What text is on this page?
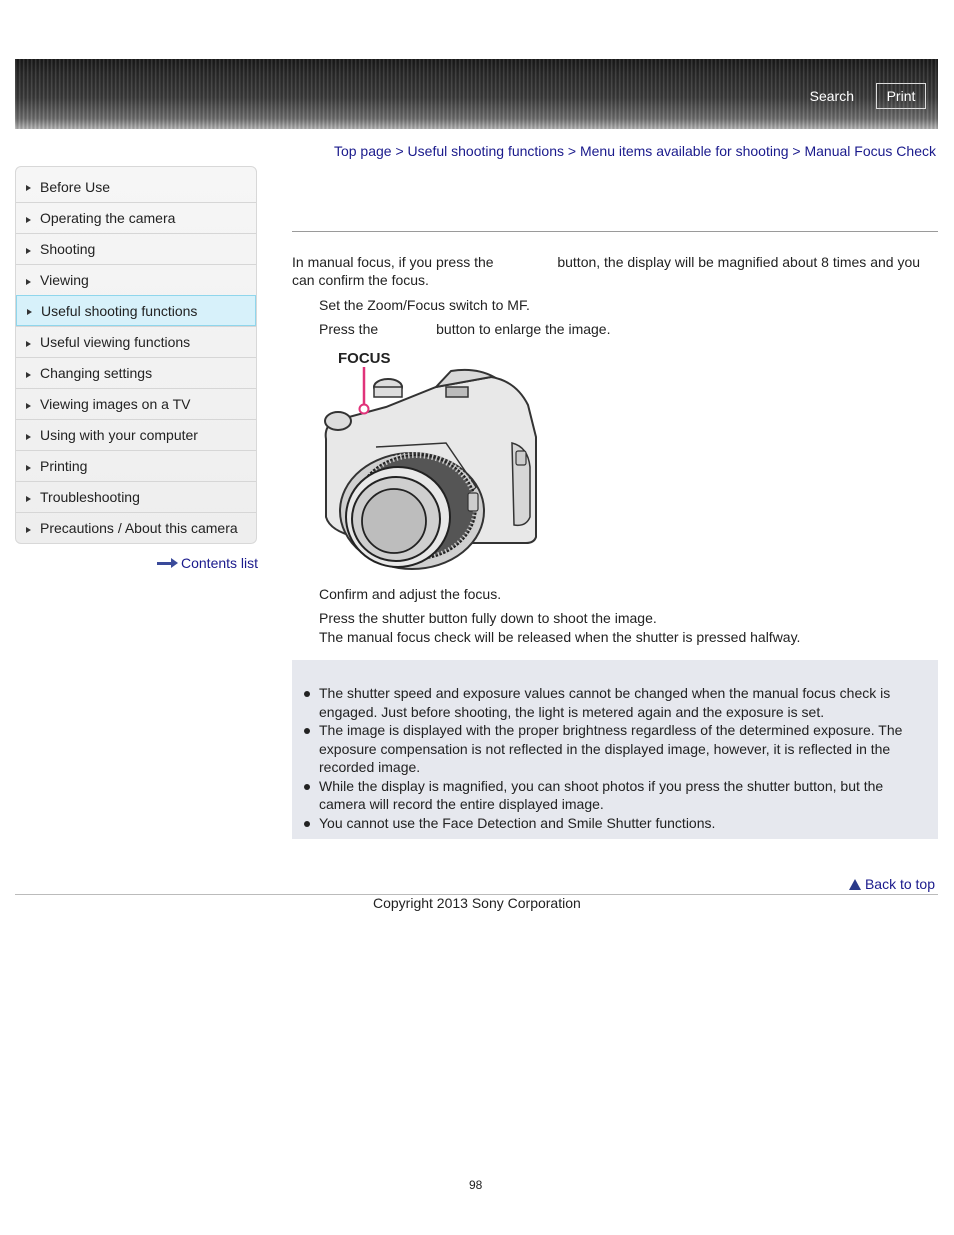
Search	Print
Top page > Useful shooting functions > Menu items available for shooting > Manual Focus Check
Before Use
Operating the camera
Shooting
Viewing
Useful shooting functions
Useful viewing functions
Changing settings
Viewing images on a TV
Using with your computer
Printing
Troubleshooting
Precautions / About this camera
Contents list
In manual focus, if you press the	button, the display will be magnified about 8 times and you can confirm the focus.
Set the Zoom/Focus switch to MF.
Press the	button to enlarge the image.
FOCUS
Confirm and adjust the focus.
Press the shutter button fully down to shoot the image.
The manual focus check will be released when the shutter is pressed halfway.
The shutter speed and exposure values cannot be changed when the manual focus check is engaged. Just before shooting, the light is metered again and the exposure is set.
The image is displayed with the proper brightness regardless of the determined exposure. The exposure compensation is not reflected in the displayed image, however, it is reflected in the recorded image.
While the display is magnified, you can shoot photos if you press the shutter button, but the camera will record the entire displayed image.
You cannot use the Face Detection and Smile Shutter functions.
Back to top
Copyright 2013 Sony Corporation
98
